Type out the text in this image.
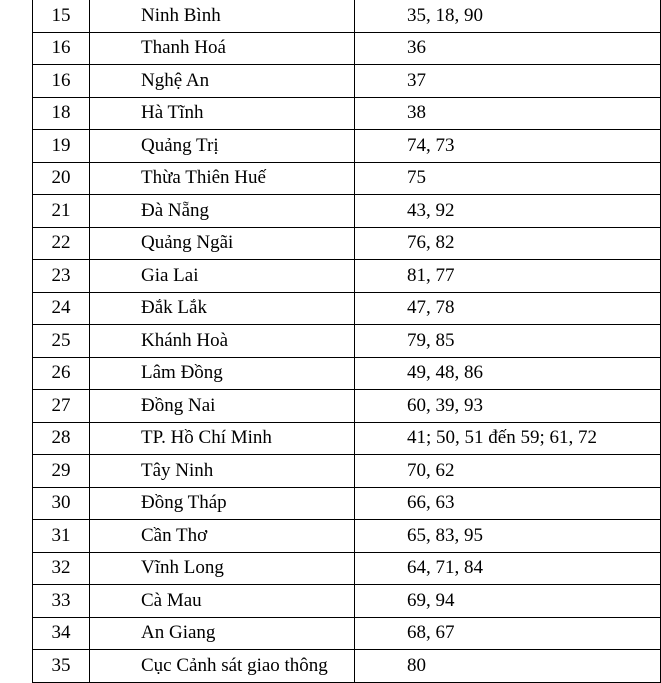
15	Ninh Bình	35, 18, 90
16	Thanh Hoá	36
16	Nghệ An	37
18	Hà Tĩnh	38
19	Quảng Trị	74, 73
20	Thừa Thiên Huế	75
21	Đà Nẵng	43, 92
22	Quảng Ngãi	76, 82
23	Gia Lai	81, 77
24	Đắk Lắk	47, 78
25	Khánh Hoà	79, 85
26	Lâm Đồng	49, 48, 86
27	Đồng Nai	60, 39, 93
28	TP. Hồ Chí Minh	41; 50, 51 đến 59; 61, 72
29	Tây Ninh	70, 62
30	Đồng Tháp	66, 63
31	Cần Thơ	65, 83, 95
32	Vĩnh Long	64, 71, 84
33	Cà Mau	69, 94
34	An Giang	68, 67
35	Cục Cảnh sát giao thông	80
